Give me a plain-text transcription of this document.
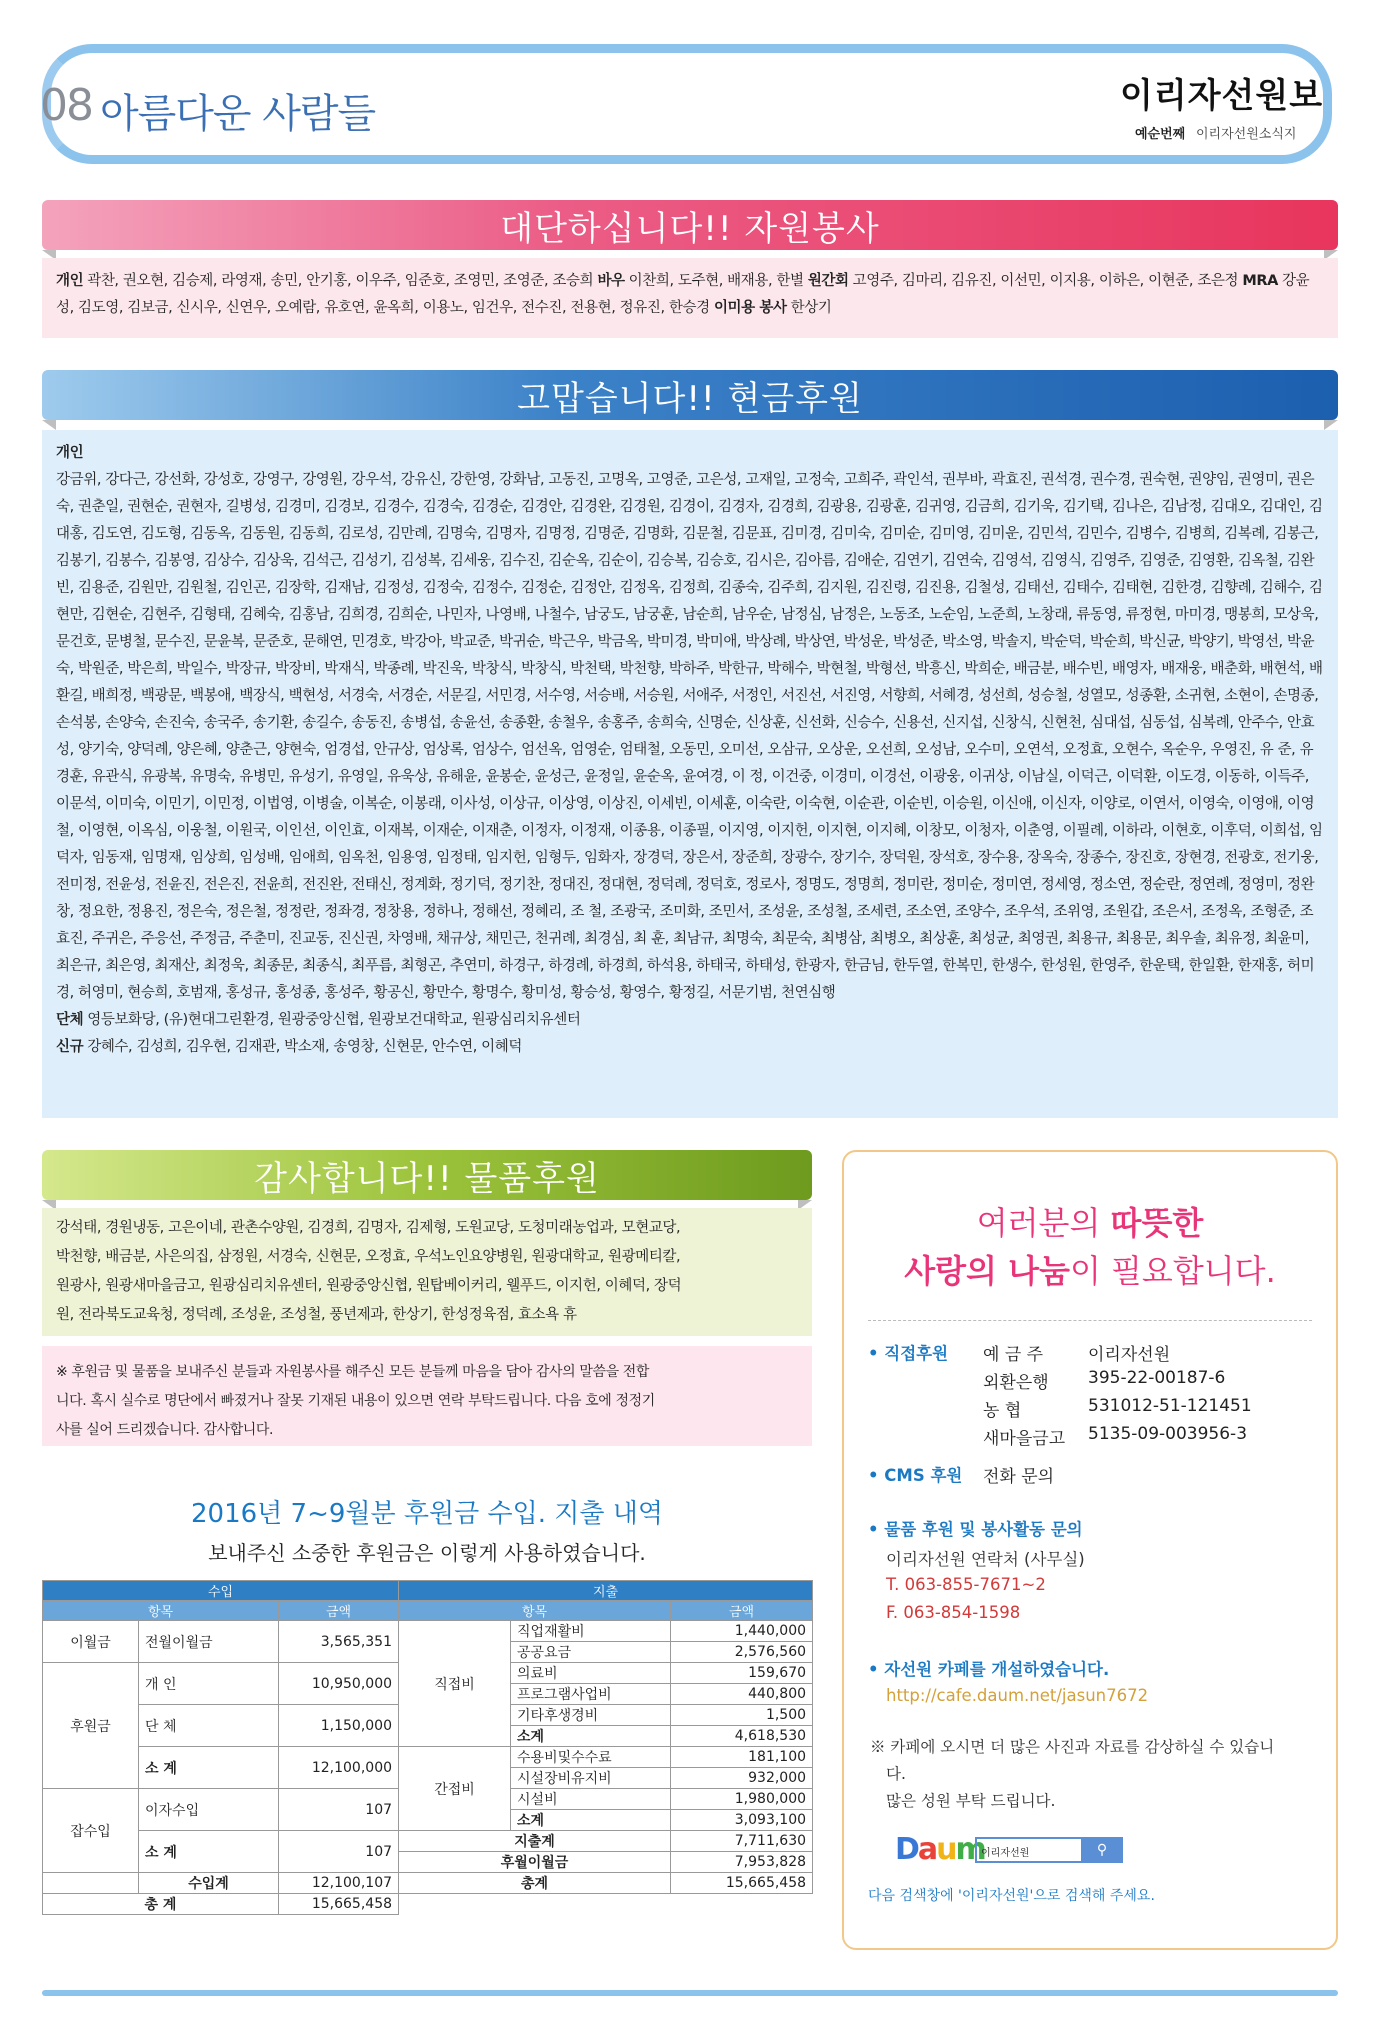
08 아름다운 사람들	이리자선원보
예순번째 이리자선원소식지
대단하십니다!! 자원봉사
개인 곽찬, 권오현, 김승제, 라영재, 송민, 안기홍, 이우주, 임준호, 조영민, 조영준, 조승희 바우 이찬희, 도주현, 배재용, 한별 원간회 고영주, 김마리, 김유진, 이선민, 이지용, 이하은, 이현준, 조은정 MRA 강윤성, 김도영, 김보금, 신시우, 신연우, 오예람, 유호연, 윤옥희, 이용노, 임건우, 전수진, 전용현, 정유진, 한승경 이미용 봉사 한상기
고맙습니다!! 현금후원
개인
강금위, 강다근, 강선화, 강성호, 강영구, 강영원, 강우석, 강유신, 강한영, 강화남, 고동진, 고명옥, 고영준, 고은성, 고재일, 고정숙, 고희주, 곽인석, 권부바, 곽효진, 권석경, 권수경, 권숙현, 권양임, 권영미, 권은숙, 권춘일, 권현순, 권현자, 길병성, 김경미, 김경보, 김경수, 김경숙, 김경순, 김경안, 김경완, 김경원, 김경이, 김경자, 김경희, 김광용, 김광훈, 김귀영, 김금희, 김기욱, 김기택, 김나은, 김남정, 김대오, 김대인, 김대홍, 김도연, 김도형, 김동옥, 김동원, 김동희, 김로성, 김만례, 김명숙, 김명자, 김명정, 김명준, 김명화, 김문철, 김문표, 김미경, 김미숙, 김미순, 김미영, 김미운, 김민석, 김민수, 김병수, 김병희, 김복례, 김봉근, 김봉기, 김봉수, 김봉영, 김상수, 김상욱, 김석근, 김성기, 김성복, 김세웅, 김수진, 김순옥, 김순이, 김승복, 김승호, 김시은, 김아름, 김애순, 김연기, 김연숙, 김영석, 김영식, 김영주, 김영준, 김영환, 김옥철, 김완빈, 김용준, 김원만, 김원철, 김인곤, 김장학, 김재남, 김정성, 김정숙, 김정수, 김정순, 김정안, 김정옥, 김정희, 김종숙, 김주희, 김지원, 김진령, 김진용, 김철성, 김태선, 김태수, 김태현, 김한경, 김향례, 김해수, 김현만, 김현순, 김현주, 김형태, 김혜숙, 김홍남, 김희경, 김희순, 나민자, 나영배, 나철수, 남궁도, 남궁훈, 남순희, 남우순, 남정심, 남정은, 노동조, 노순임, 노준희, 노창래, 류동영, 류정현, 마미경, 맹봉희, 모상욱, 문건호, 문병철, 문수진, 문윤복, 문준호, 문해연, 민경호, 박강아, 박교준, 박귀순, 박근우, 박금옥, 박미경, 박미애, 박상례, 박상연, 박성운, 박성준, 박소영, 박솔지, 박순덕, 박순희, 박신균, 박양기, 박영선, 박윤숙, 박원준, 박은희, 박일수, 박장규, 박장비, 박재식, 박종례, 박진욱, 박창식, 박창식, 박천택, 박천향, 박하주, 박한규, 박해수, 박현철, 박형선, 박흥신, 박희순, 배금분, 배수빈, 배영자, 배재웅, 배춘화, 배현석, 배환길, 배희정, 백광문, 백봉애, 백장식, 백현성, 서경숙, 서경순, 서문길, 서민경, 서수영, 서승배, 서승원, 서애주, 서정인, 서진선, 서진영, 서향희, 서혜경, 성선희, 성승철, 성열모, 성종환, 소귀현, 소현이, 손명종, 손석봉, 손양숙, 손진숙, 송국주, 송기환, 송길수, 송동진, 송병섭, 송윤선, 송종환, 송철우, 송홍주, 송희숙, 신명순, 신상훈, 신선화, 신승수, 신용선, 신지섭, 신창식, 신현천, 심대섭, 심동섭, 심복례, 안주수, 안효성, 양기숙, 양덕례, 양은혜, 양춘근, 양현숙, 엄경섭, 안규상, 엄상록, 엄상수, 엄선옥, 엄영순, 엄태철, 오동민, 오미선, 오삼규, 오상운, 오선희, 오성남, 오수미, 오연석, 오정효, 오현수, 옥순우, 우영진, 유 준, 유경훈, 유관식, 유광복, 유명숙, 유병민, 유성기, 유영일, 유욱상, 유해윤, 윤봉순, 윤성근, 윤정일, 윤순옥, 윤여경, 이 정, 이건중, 이경미, 이경선, 이광웅, 이귀상, 이남실, 이덕근, 이덕환, 이도경, 이동하, 이득주, 이문석, 이미숙, 이민기, 이민정, 이법영, 이병술, 이복순, 이봉래, 이사성, 이상규, 이상영, 이상진, 이세빈, 이세훈, 이숙란, 이숙현, 이순관, 이순빈, 이승원, 이신애, 이신자, 이양로, 이연서, 이영숙, 이영애, 이영철, 이영현, 이옥심, 이웅철, 이원국, 이인선, 이인효, 이재복, 이재순, 이재춘, 이정자, 이정재, 이종용, 이종필, 이지영, 이지헌, 이지현, 이지혜, 이창모, 이청자, 이춘영, 이필례, 이하라, 이현호, 이후덕, 이희섭, 임덕자, 임동재, 임명재, 임상희, 임성배, 임애희, 임옥천, 임용영, 임정태, 임지헌, 임형두, 임화자, 장경덕, 장은서, 장준희, 장광수, 장기수, 장덕원, 장석호, 장수용, 장옥숙, 장종수, 장진호, 장현경, 전광호, 전기웅, 전미정, 전윤성, 전윤진, 전은진, 전윤희, 전진완, 전태신, 정계화, 정기덕, 정기찬, 정대진, 정대현, 정덕례, 정덕호, 정로사, 정명도, 정명희, 정미란, 정미순, 정미연, 정세영, 정소연, 정순란, 정연례, 정영미, 정완창, 정요한, 정용진, 정은숙, 정은철, 정정란, 정좌경, 정창용, 정하나, 정해선, 정혜리, 조 철, 조광국, 조미화, 조민서, 조성윤, 조성철, 조세련, 조소연, 조양수, 조우석, 조위영, 조원갑, 조은서, 조정옥, 조형준, 조효진, 주귀은, 주응선, 주정금, 주춘미, 진교동, 진신권, 차영배, 채규상, 채민근, 천귀례, 최경심, 최 훈, 최남규, 최명숙, 최문숙, 최병삼, 최병오, 최상훈, 최성균, 최영권, 최용규, 최용문, 최우솔, 최유정, 최윤미, 최은규, 최은영, 최재산, 최정욱, 최종문, 최종식, 최푸름, 최형곤, 추연미, 하경구, 하경례, 하경희, 하석용, 하태국, 하태성, 한광자, 한금님, 한두열, 한복민, 한생수, 한성원, 한영주, 한운택, 한일환, 한재홍, 허미경, 허영미, 현승희, 호범재, 홍성규, 홍성종, 홍성주, 황공신, 황만수, 황명수, 황미성, 황승성, 황영수, 황정길, 서문기범, 천연심행
단체 영등보화당, (유)현대그린환경, 원광중앙신협, 원광보건대학교, 원광심리치유센터
신규 강혜수, 김성희, 김우현, 김재관, 박소재, 송영창, 신현문, 안수연, 이혜덕
감사합니다!! 물품후원
강석태, 경원냉동, 고은이네, 관촌수양원, 김경희, 김명자, 김제형, 도원교당, 도청미래농업과, 모현교당,
박천향, 배금분, 사은의집, 삼정원, 서경숙, 신현문, 오정효, 우석노인요양병원, 원광대학교, 원광메티칼,
원광사, 원광새마을금고, 원광심리치유센터, 원광중앙신협, 원탑베이커리, 웰푸드, 이지헌, 이혜덕, 장덕
원, 전라북도교육청, 정덕례, 조성윤, 조성철, 풍년제과, 한상기, 한성정육점, 효소욕 휴
※ 후원금 및 물품을 보내주신 분들과 자원봉사를 해주신 모든 분들께 마음을 담아 감사의 말씀을 전합
니다. 혹시 실수로 명단에서 빠졌거나 잘못 기재된 내용이 있으면 연락 부탁드립니다. 다음 호에 정정기
사를 실어 드리겠습니다. 감사합니다.
2016년 7~9월분 후원금 수입. 지출 내역
보내주신 소중한 후원금은 이렇게 사용하였습니다.
수입			지출		
항목		금액	항목		금액
이월금	전월이월금	3,565,351	직접비	직업재활비	1,440,000
				공공요금	2,576,560
후원금	개 인	10,950,000		의료비	159,670
				프로그램사업비	440,800
	단 체	1,150,000		기타후생경비	1,500
				소계	4,618,530
	소 계	12,100,000	간접비	수용비및수수료	181,100
				시설장비유지비	932,000
잡수입	이자수입	107		시설비	1,980,000
				소계	3,093,100
	소 계	107	지출계		7,711,630
			후월이월금		7,953,828
	수입계	12,100,107	총계		15,665,458
총 계		15,665,458			
여러분의 따뜻한
사랑의 나눔이 필요합니다.
• 직접후원 예 금 주	이리자선원
외환은행 395-22-00187-6
농 협	531012-51-121451
새마을금고 5135-09-003956-3
• CMS 후원 전화 문의
• 물품 후원 및 봉사활동 문의
이리자선원 연락처 (사무실)
T. 063-855-7671~2
F. 063-854-1598
• 자선원 카페를 개설하였습니다.
http://cafe.daum.net/jasun7672
※ 카페에 오시면 더 많은 사진과 자료를 감상하실 수 있습니
다.
많은 성원 부탁 드립니다.
Daum
이리자선원	⚲
다음 검색창에 '이리자선원'으로 검색해 주세요.
